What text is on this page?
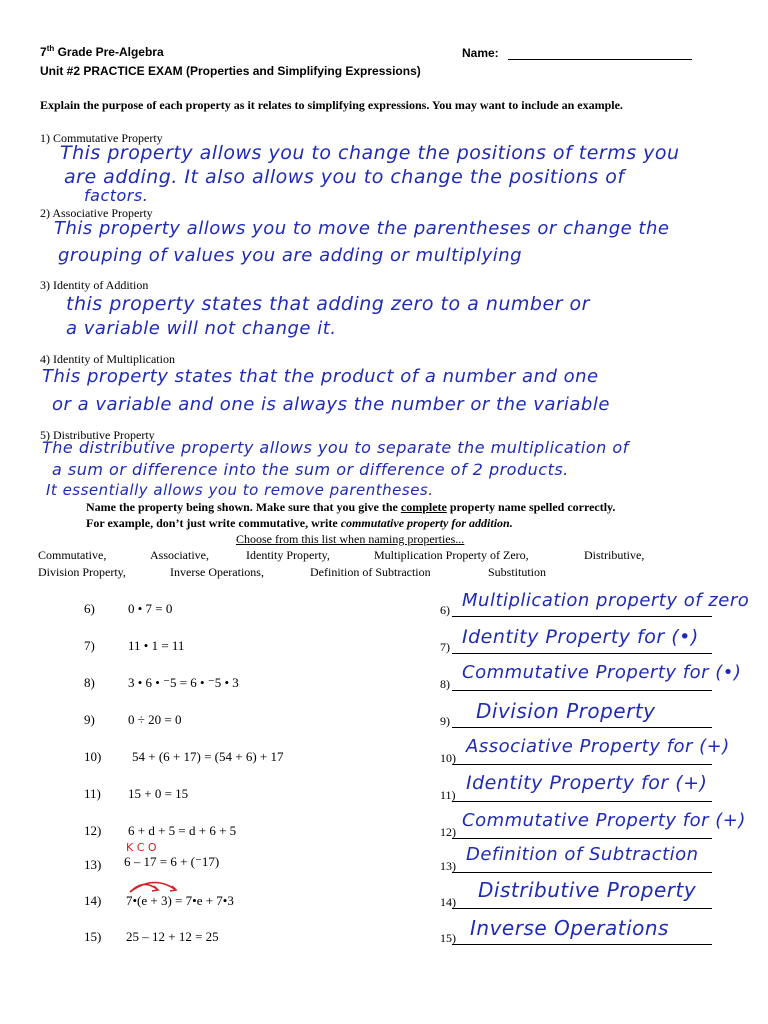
7th Grade Pre-Algebra
Unit #2 PRACTICE EXAM (Properties and Simplifying Expressions)
Name:
Explain the purpose of each property as it relates to simplifying expressions. You may want to include an example.
1) Commutative Property
This property allows you to change the positions of terms you
are adding. It also allows you to change the positions of
factors.
2) Associative Property
This property allows you to move the parentheses or change the
grouping of values you are adding or multiplying
3) Identity of Addition
this property states that adding zero to a number or
a variable will not change it.
4) Identity of Multiplication
This property states that the product of a number and one
or a variable and one is always the number or the variable
5) Distributive Property
The distributive property allows you to separate the multiplication of
a sum or difference into the sum or difference of 2 products.
It essentially allows you to remove parentheses.
Name the property being shown. Make sure that you give the complete property name spelled correctly.
For example, don’t just write commutative, write commutative property for addition.
Choose from this list when naming properties...
Commutative,	Associative,	Identity Property,	Multiplication Property of Zero,	Distributive,
Division Property,	Inverse Operations,	Definition of Subtraction	Substitution
6)	0 • 7 = 0	6) Multiplication property of zero
7)	11 • 1 = 11	7) Identity Property for (•)
8)	3 • 6 • ⁻5 = 6 • ⁻5 • 3	8)
Commutative Property for (•)
9)	0 ÷ 20 = 0	9) Division Property
10) 54 + (6 + 17) = (54 + 6) + 17	10)
Associative Property for (+)
11) 15 + 0 = 15	11)
Identity Property for (+)
12) 6 + d + 5 = d + 6 + 5	12)
Commutative Property for (+)
K C O
13) 6 – 17 = 6 + (⁻17)	13)
Definition of Subtraction
14) 7•(e + 3) = 7•e + 7•3	14) Distributive Property
15) 25 – 12 + 12 = 25	15) Inverse Operations
